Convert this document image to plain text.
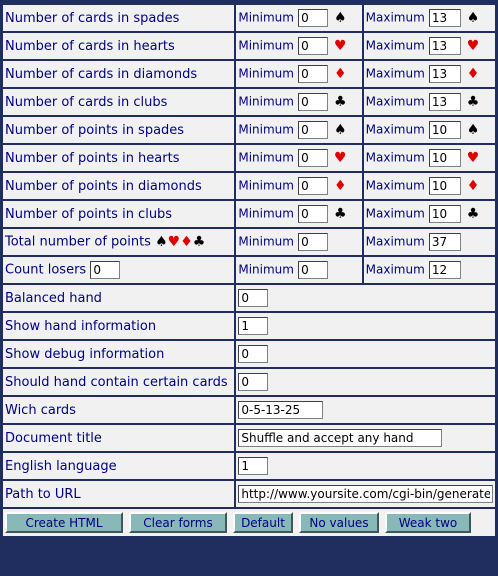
Number of cards in spades	Minimum 0 ♠	Maximum 13 ♠
Number of cards in hearts	Minimum 0 ♥	Maximum 13 ♥
Number of cards in diamonds	Minimum 0 ♦	Maximum 13 ♦
Number of cards in clubs	Minimum 0 ♣	Maximum 13 ♣
Number of points in spades	Minimum 0 ♠	Maximum 10 ♠
Number of points in hearts	Minimum 0 ♥	Maximum 10 ♥
Number of points in diamonds	Minimum 0 ♦	Maximum 10 ♦
Number of points in clubs	Minimum 0 ♣	Maximum 10 ♣
Total number of points ♠♥♦♣	Minimum 0	Maximum 37
Count losers 0	Minimum 0	Maximum 12
Balanced hand	0
Show hand information	1
Show debug information	0
Should hand contain certain cards	0
Wich cards	0-5-13-25
Document title	Shuffle and accept any hand
English language	1
Path to URL	http://www.yoursite.com/cgi-bin/generate

Create HTML Clear forms Default No values Weak two		
